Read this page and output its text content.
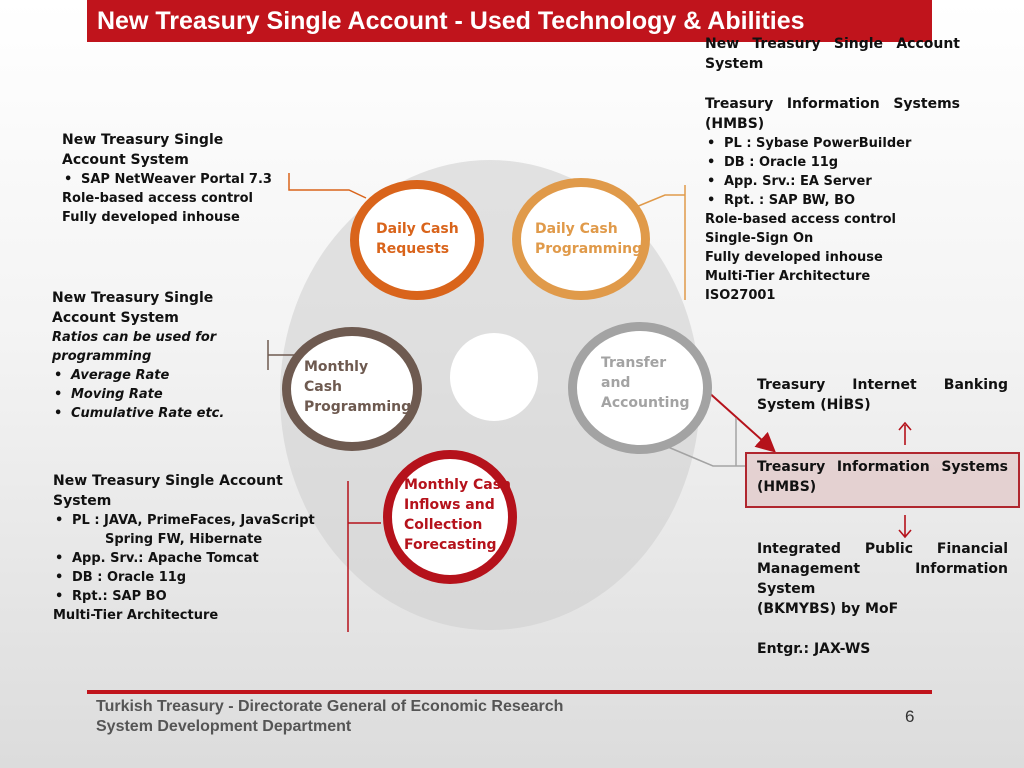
New Treasury Single Account - Used Technology & Abilities
Daily Cash
Requests
Daily Cash
Programming
Monthly
Cash
Programming
Transfer
and
Accounting
Monthly Cash
Inflows and
Collection
Forecasting
New Treasury Single
Account System
• SAP NetWeaver Portal 7.3
Role-based access control
Fully developed inhouse
New Treasury Single
Account System
Ratios can be used for
programming
• Average Rate
• Moving Rate
• Cumulative Rate etc.
New Treasury Single Account
System
• PL : JAVA, PrimeFaces, JavaScript
Spring FW, Hibernate
• App. Srv.: Apache Tomcat
• DB : Oracle 11g
• Rpt.: SAP BO
Multi-Tier Architecture
New Treasury Single Account
System
Treasury Information Systems
(HMBS)
• PL : Sybase PowerBuilder
• DB : Oracle 11g
• App. Srv.: EA Server
• Rpt. : SAP BW, BO
Role-based access control
Single-Sign On
Fully developed inhouse
Multi-Tier Architecture
ISO27001
Treasury Internet Banking
System (HİBS)
Treasury Information Systems
(HMBS)
Integrated Public Financial
Management Information System
(BKMYBS) by MoF
Entgr.: JAX-WS
Turkish Treasury - Directorate General of Economic Research
System Development Department
6
